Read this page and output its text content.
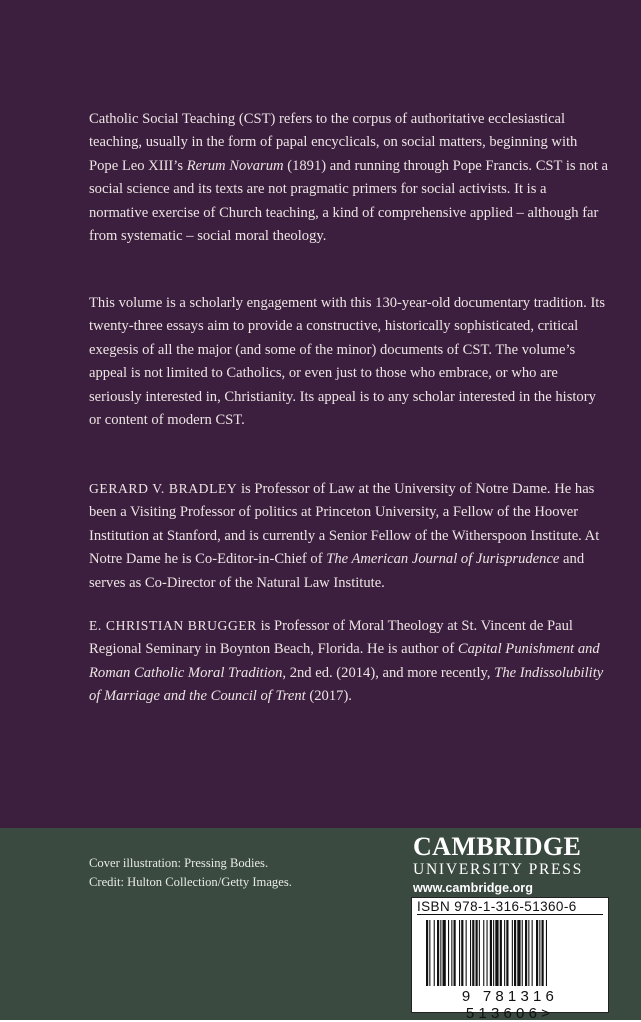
Catholic Social Teaching (CST) refers to the corpus of authoritative ecclesiastical teaching, usually in the form of papal encyclicals, on social matters, beginning with Pope Leo XIII’s Rerum Novarum (1891) and running through Pope Francis. CST is not a social science and its texts are not pragmatic primers for social activists. It is a normative exercise of Church teaching, a kind of comprehensive applied – although far from systematic – social moral theology.

This volume is a scholarly engagement with this 130-year-old documentary tradition. Its twenty-three essays aim to provide a constructive, historically sophisticated, critical exegesis of all the major (and some of the minor) documents of CST. The volume’s appeal is not limited to Catholics, or even just to those who embrace, or who are seriously interested in, Christianity. Its appeal is to any scholar interested in the history or content of modern CST.

GERARD V. BRADLEY is Professor of Law at the University of Notre Dame. He has been a Visiting Professor of politics at Princeton University, a Fellow of the Hoover Institution at Stanford, and is currently a Senior Fellow of the Witherspoon Institute. At Notre Dame he is Co-Editor-in-Chief of The American Journal of Jurisprudence and serves as Co-Director of the Natural Law Institute.

E. CHRISTIAN BRUGGER is Professor of Moral Theology at St. Vincent de Paul Regional Seminary in Boynton Beach, Florida. He is author of Capital Punishment and Roman Catholic Moral Tradition, 2nd ed. (2014), and more recently, The Indissolubility of Marriage and the Council of Trent (2017).

Cover illustration: Pressing Bodies.
Credit: Hulton Collection/Getty Images.
CAMBRIDGE
UNIVERSITY PRESS
www.cambridge.org
ISBN 978-1-316-51360-6
9 781316 513606>
